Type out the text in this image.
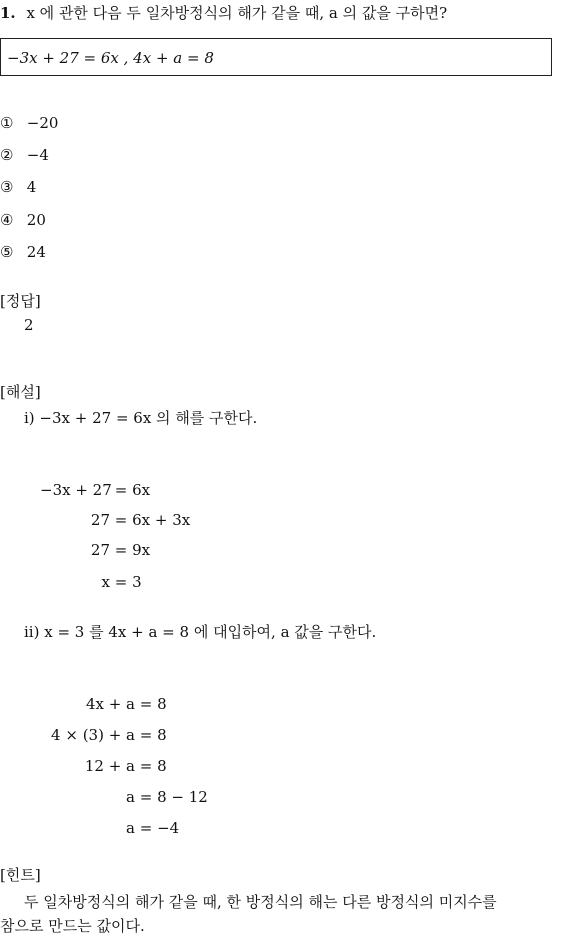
1. x 에 관한 다음 두 일차방정식의 해가 같을 때, a 의 값을 구하면?
−3x + 27 = 6x , 4x + a = 8
① −20
② −4
③ 4
④ 20
⑤ 24
[정답]
2
[해설]
i) −3x + 27 = 6x 의 해를 구한다.
−3x + 27 = 6x
27 = 6x + 3x
27 = 9x
x = 3
ii) x = 3 를 4x + a = 8 에 대입하여, a 값을 구한다.
4x + a = 8
4 × (3) + a = 8
12 + a = 8
a = 8 − 12
a = −4
[힌트]
두 일차방정식의 해가 같을 때, 한 방정식의 해는 다른 방정식의 미지수를
참으로 만드는 값이다.
